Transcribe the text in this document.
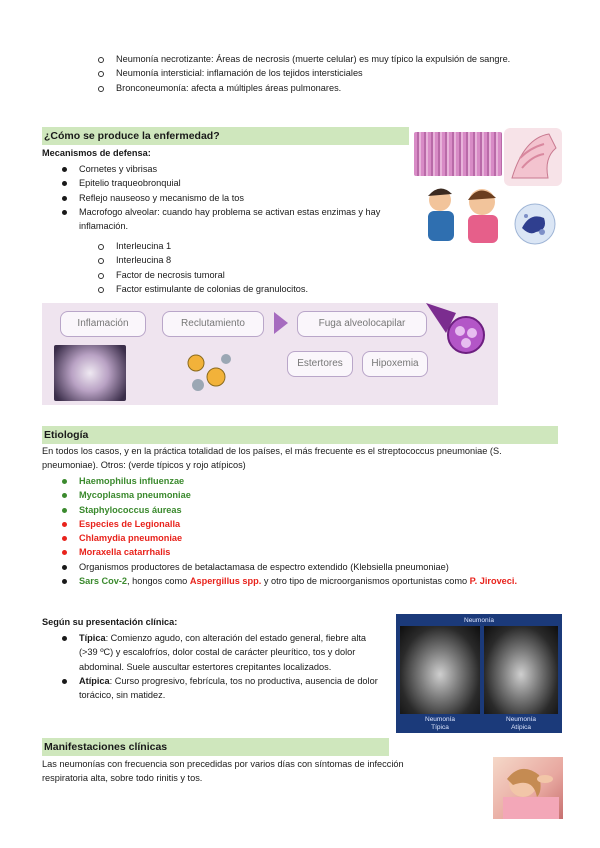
Neumonía necrotizante: Áreas de necrosis (muerte celular) es muy típico la expulsión de sangre.
Neumonía intersticial: inflamación de los tejidos intersticiales
Bronconeumonía: afecta a múltiples áreas pulmonares.
¿Cómo se produce la enfermedad?
Mecanismos de defensa:
Cornetes y vibrisas
Epitelio traqueobronquial
Reflejo nauseoso y mecanismo de la tos
Macrofogo alveolar: cuando hay problema se activan estas enzimas y hay inflamación.
Interleucina 1
Interleucina 8
Factor de necrosis tumoral
Factor estimulante de colonias de granulocitos.
Inflamación	Reclutamiento	Fuga alveolocapilar
Estertores	Hipoxemia
Etiología

En todos los casos, y en la práctica totalidad de los países, el más frecuente es el streptococcus pneumoniae (S. pneumoniae). Otros: (verde típicos y rojo atípicos)

Haemophilus influenzae
Mycoplasma pneumoniae
Staphylococcus áureas
Especies de Legionalla
Chlamydia pneumoniae
Moraxella catarrhalis
Organismos productores de betalactamasa de espectro extendido (Klebsiella pneumoniae)
Sars Cov-2, hongos como Aspergillus spp. y otro tipo de microorganismos oportunistas como P. Jiroveci.
Según su presentación clínica:
Típica: Comienzo agudo, con alteración del estado general, fiebre alta (>39 ºC) y escalofríos, dolor costal de carácter pleurítico, tos y dolor abdominal. Suele auscultar estertores crepitantes localizados.
Atípica: Curso progresivo, febrícula, tos no productiva, ausencia de dolor torácico, sin matidez.
Neumonía
Neumonía
Típica
Neumonía
Atípica
Manifestaciones clínicas

Las neumonías con frecuencia son precedidas por varios días con síntomas de infección respiratoria alta, sobre todo rinitis y tos.
